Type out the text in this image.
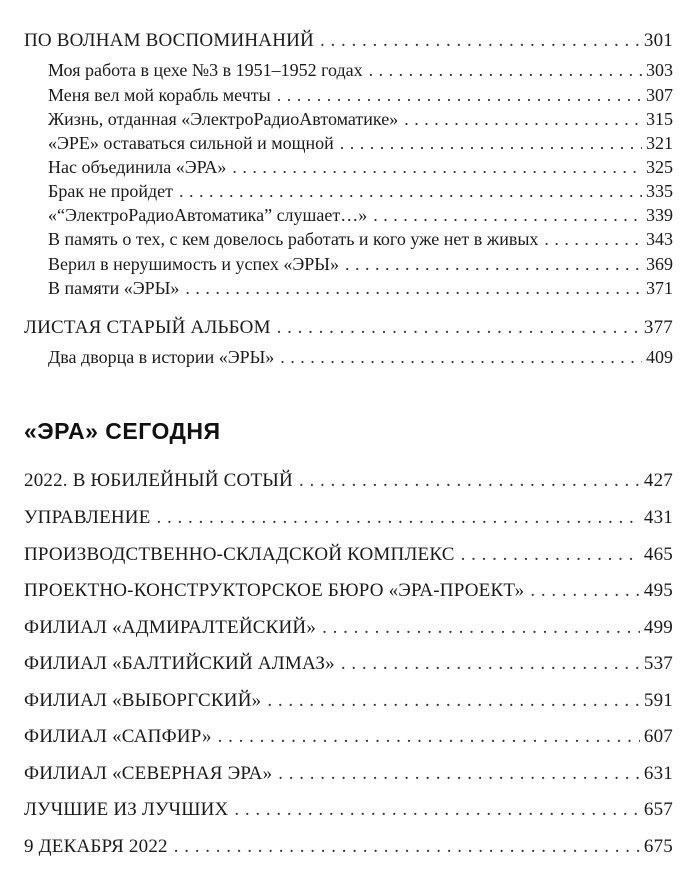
ПО ВОЛНАМ ВОСПОМИНАНИЙ . . .	301
Моя работа в цехе №3 в 1951–1952 годах . . .	303
Меня вел мой корабль мечты . . .	307
Жизнь, отданная «ЭлектроРадиоАвтоматике» . . .	315
«ЭРЕ» оставаться сильной и мощной . . .	321
Нас объединила «ЭРА» . . .	325
Брак не пройдет . . .	335
«“ЭлектроРадиоАвтоматика” слушает…» . . .	339
В память о тех, с кем довелось работать и кого уже нет в живых . . .	343
Верил в нерушимость и успех «ЭРЫ» . . .	369
В памяти «ЭРЫ» . . .	371
ЛИСТАЯ СТАРЫЙ АЛЬБОМ . . .	377
Два дворца в истории «ЭРЫ» . . .	409
«ЭРА» СЕГОДНЯ
2022. В ЮБИЛЕЙНЫЙ СОТЫЙ . . .	427
УПРАВЛЕНИЕ . . .	431
ПРОИЗВОДСТВЕННО-СКЛАДСКОЙ КОМПЛЕКС . . .	465
ПРОЕКТНО-КОНСТРУКТОРСКОЕ БЮРО «ЭРА-ПРОЕКТ» . . .	495
ФИЛИАЛ «АДМИРАЛТЕЙСКИЙ» . . .	499
ФИЛИАЛ «БАЛТИЙСКИЙ АЛМАЗ» . . .	537
ФИЛИАЛ «ВЫБОРГСКИЙ» . . .	591
ФИЛИАЛ «САПФИР» . . .	607
ФИЛИАЛ «СЕВЕРНАЯ ЭРА» . . .	631
ЛУЧШИЕ ИЗ ЛУЧШИХ . . .	657
9 ДЕКАБРЯ 2022 . . .	675
